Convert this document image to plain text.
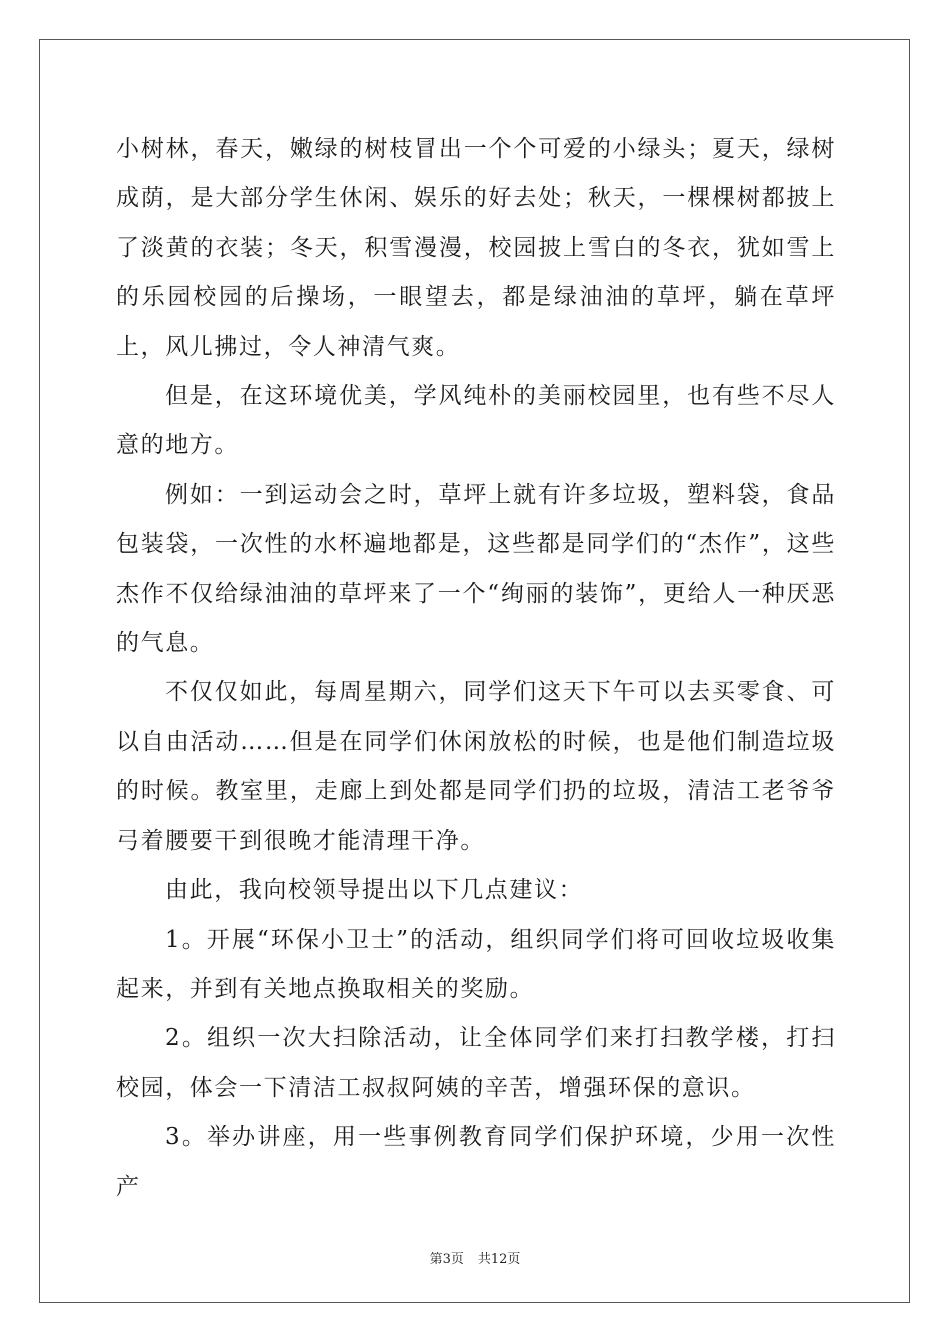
小树林，春天，嫩绿的树枝冒出一个个可爱的小绿头；夏天，绿树成荫，是大部分学生休闲、娱乐的好去处；秋天，一棵棵树都披上了淡黄的衣装；冬天，积雪漫漫，校园披上雪白的冬衣，犹如雪上的乐园校园的后操场，一眼望去，都是绿油油的草坪，躺在草坪上，风儿拂过，令人神清气爽。

但是，在这环境优美，学风纯朴的美丽校园里，也有些不尽人意的地方。

例如：一到运动会之时，草坪上就有许多垃圾，塑料袋，食品包装袋，一次性的水杯遍地都是，这些都是同学们的“杰作”，这些杰作不仅给绿油油的草坪来了一个“绚丽的装饰”，更给人一种厌恶的气息。

不仅仅如此，每周星期六，同学们这天下午可以去买零食、可以自由活动……但是在同学们休闲放松的时候，也是他们制造垃圾的时候。教室里，走廊上到处都是同学们扔的垃圾，清洁工老爷爷弓着腰要干到很晚才能清理干净。

由此，我向校领导提出以下几点建议：

1。开展“环保小卫士”的活动，组织同学们将可回收垃圾收集起来，并到有关地点换取相关的奖励。

2。组织一次大扫除活动，让全体同学们来打扫教学楼，打扫校园，体会一下清洁工叔叔阿姨的辛苦，增强环保的意识。

3。举办讲座，用一些事例教育同学们保护环境，少用一次性产

第3页 共12页
